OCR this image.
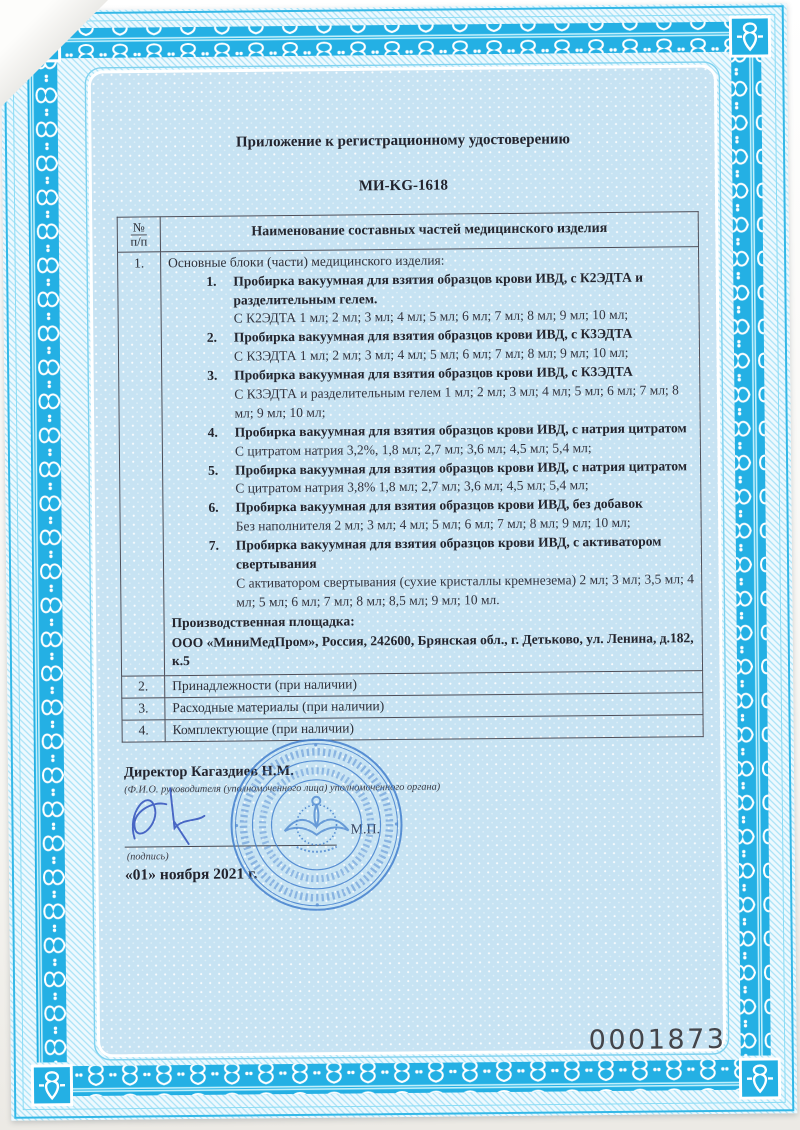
Приложение к регистрационному удостоверению
МИ-KG-1618
№
п/п	Наименование составных частей медицинского изделия
1.	Основные блоки (части) медицинского изделия:
1.	Пробирка вакуумная для взятия образцов крови ИВД, с К2ЭДТА и разделительным гелем.
С К2ЭДТА 1 мл; 2 мл; 3 мл; 4 мл; 5 мл; 6 мл; 7 мл; 8 мл; 9 мл; 10 мл;
2.	Пробирка вакуумная для взятия образцов крови ИВД, с К3ЭДТА
С К3ЭДТА 1 мл; 2 мл; 3 мл; 4 мл; 5 мл; 6 мл; 7 мл; 8 мл; 9 мл; 10 мл;
3.	Пробирка вакуумная для взятия образцов крови ИВД, с К3ЭДТА
С К3ЭДТА и разделительным гелем 1 мл; 2 мл; 3 мл; 4 мл; 5 мл; 6 мл; 7 мл; 8 мл; 9 мл; 10 мл;
4.	Пробирка вакуумная для взятия образцов крови ИВД, с натрия цитратом
С цитратом натрия 3,2%, 1,8 мл; 2,7 мл; 3,6 мл; 4,5 мл; 5,4 мл;
5.	Пробирка вакуумная для взятия образцов крови ИВД, с натрия цитратом
С цитратом натрия 3,8% 1,8 мл; 2,7 мл; 3,6 мл; 4,5 мл; 5,4 мл;
6.	Пробирка вакуумная для взятия образцов крови ИВД, без добавок
Без наполнителя 2 мл; 3 мл; 4 мл; 5 мл; 6 мл; 7 мл; 8 мл; 9 мл; 10 мл;
7.	Пробирка вакуумная для взятия образцов крови ИВД, с активатором свертывания
С активатором свертывания (сухие кристаллы кремнезема) 2 мл; 3 мл; 3,5 мл; 4 мл; 5 мл; 6 мл; 7 мл; 8 мл; 8,5 мл; 9 мл; 10 мл.
Производственная площадка:
ООО «МиниМедПром», Россия, 242600, Брянская обл., г. Детьково, ул. Ленина, д.182, к.5

2.	Принадлежности (при наличии)
3.	Расходные материалы (при наличии)
4.	Комплектующие (при наличии)
Директор Кагаздиев Н.М.
(Ф.И.О. руководителя (уполномоченного лица) уполномоченного органа)
(подпись)
М.П.
«01» ноября 2021 г.
0001873
